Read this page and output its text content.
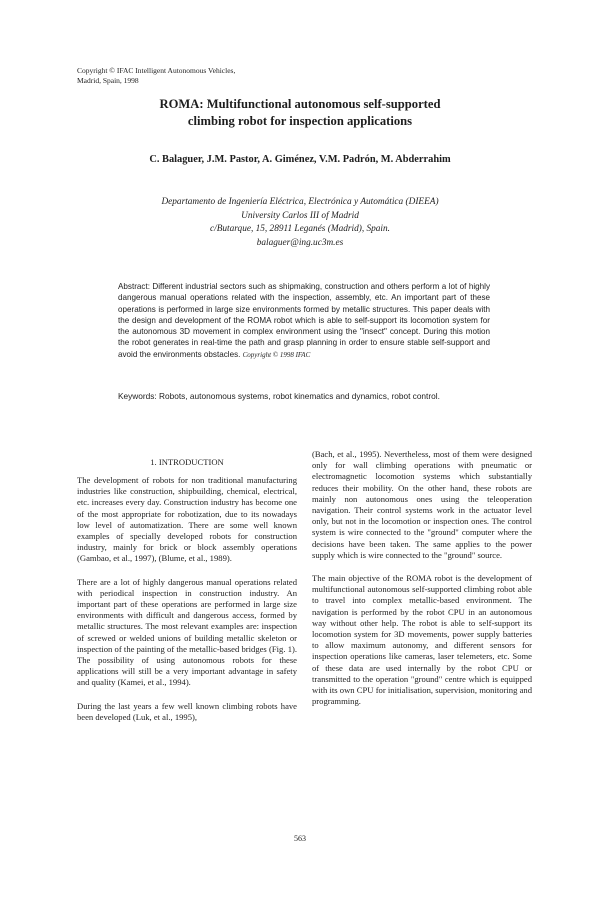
Copyright © IFAC Intelligent Autonomous Vehicles,
Madrid, Spain, 1998
ROMA: Multifunctional autonomous self-supported
climbing robot for inspection applications
C. Balaguer, J.M. Pastor, A. Giménez, V.M. Padrón, M. Abderrahim
Departamento de Ingeniería Eléctrica, Electrónica y Automática (DIEEA)
University Carlos III of Madrid
c/Butarque, 15, 28911 Leganés (Madrid), Spain.
balaguer@ing.uc3m.es
Abstract: Different industrial sectors such as shipmaking, construction and others perform a lot of highly dangerous manual operations related with the inspection, assembly, etc. An important part of these operations is performed in large size environments formed by metallic structures. This paper deals with the design and development of the ROMA robot which is able to self-support its locomotion system for the autonomous 3D movement in complex environment using the "insect" concept. During this motion the robot generates in real-time the path and grasp planning in order to ensure stable self-support and avoid the environments obstacles. Copyright © 1998 IFAC
Keywords: Robots, autonomous systems, robot kinematics and dynamics, robot control.
1. INTRODUCTION

The development of robots for non traditional manufacturing industries like construction, shipbuilding, chemical, electrical, etc. increases every day. Construction industry has become one of the most appropriate for robotization, due to its nowadays low level of automatization. There are some well known examples of specially developed robots for construction industry, mainly for brick or block assembly operations (Gambao, et al., 1997), (Blume, et al., 1989).

There are a lot of highly dangerous manual operations related with periodical inspection in construction industry. An important part of these operations are performed in large size environments with difficult and dangerous access, formed by metallic structures. The most relevant examples are: inspection of screwed or welded unions of building metallic skeleton or inspection of the painting of the metallic-based bridges (Fig. 1). The possibility of using autonomous robots for these applications will still be a very important advantage in safety and quality (Kamei, et al., 1994).

During the last years a few well known climbing robots have been developed (Luk, et al., 1995),

(Bach, et al., 1995). Nevertheless, most of them were designed only for wall climbing operations with pneumatic or electromagnetic locomotion systems which substantially reduces their mobility. On the other hand, these robots are mainly non autonomous ones using the teleoperation navigation. Their control systems work in the actuator level only, but not in the locomotion or inspection ones. The control system is wire connected to the "ground" computer where the decisions have been taken. The same applies to the power supply which is wire connected to the "ground" source.

The main objective of the ROMA robot is the development of multifunctional autonomous self-supported climbing robot able to travel into complex metallic-based environment. The navigation is performed by the robot CPU in an autonomous way without other help. The robot is able to self-support its locomotion system for 3D movements, power supply batteries to allow maximum autonomy, and different sensors for inspection operations like cameras, laser telemeters, etc. Some of these data are used internally by the robot CPU or transmitted to the operation "ground" centre which is equipped with its own CPU for initialisation, supervision, monitoring and programming.

563
